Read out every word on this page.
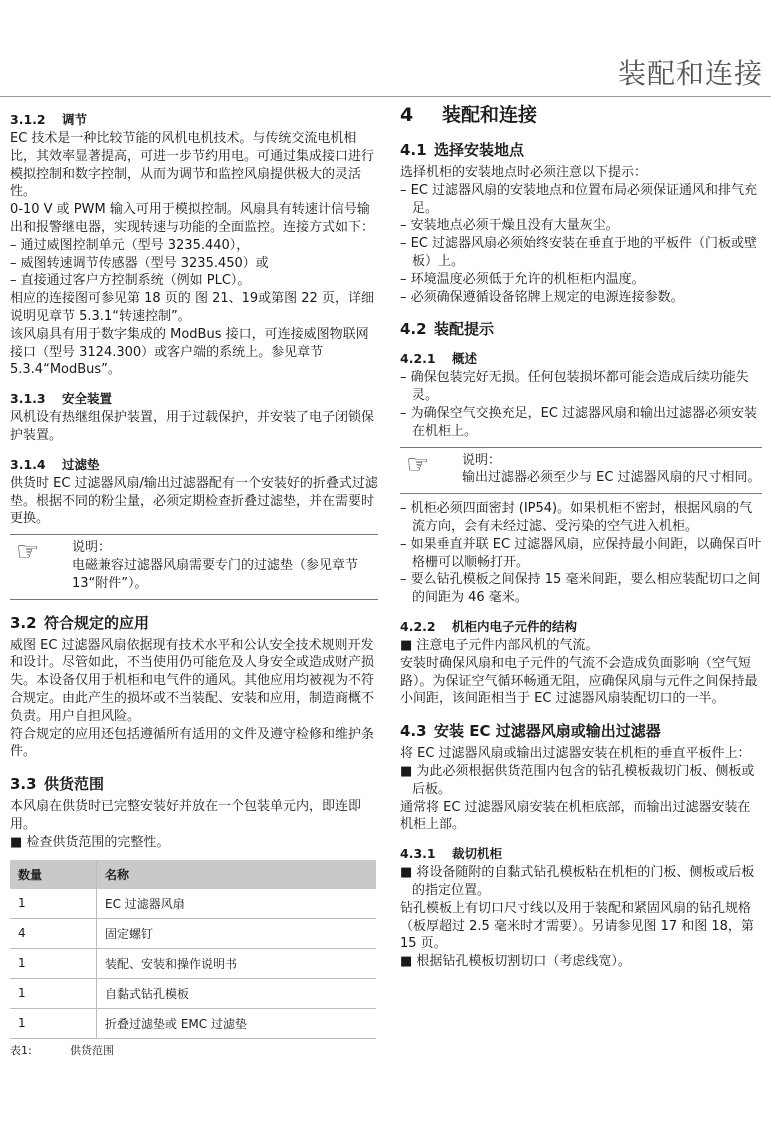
装配和连接
3.1.2 调节

EC 技术是一种比较节能的风机电机技术。与传统交流电机相比，其效率显著提高，可进一步节约用电。可通过集成接口进行模拟控制和数字控制，从而为调节和监控风扇提供极大的灵活性。

0-10 V 或 PWM 输入可用于模拟控制。风扇具有转速计信号输出和报警继电器，实现转速与功能的全面监控。连接方式如下：

– 通过威图控制单元（型号 3235.440），

– 威图转速调节传感器（型号 3235.450）或

– 直接通过客户方控制系统（例如 PLC）。

相应的连接图可参见第 18 页的 图 21、19或第图 22 页，详细说明见章节 5.3.1“转速控制”。

该风扇具有用于数字集成的 ModBus 接口，可连接威图物联网接口（型号 3124.300）或客户端的系统上。参见章节 5.3.4“ModBus”。

3.1.3 安全装置

风机设有热继组保护装置，用于过载保护，并安装了电子闭锁保护装置。

3.1.4 过滤垫

供货时 EC 过滤器风扇/输出过滤器配有一个安装好的折叠式过滤垫。根据不同的粉尘量，必须定期检查折叠过滤垫，并在需要时更换。

☞	说明：
电磁兼容过滤器风扇需要专门的过滤垫（参见章节 13“附件”）。
3.2 符合规定的应用

威图 EC 过滤器风扇依据现有技术水平和公认安全技术规则开发和设计。尽管如此，不当使用仍可能危及人身安全或造成财产损失。本设备仅用于机柜和电气件的通风。其他应用均被视为不符合规定。由此产生的损坏或不当装配、安装和应用，制造商概不负责。用户自担风险。

符合规定的应用还包括遵循所有适用的文件及遵守检修和维护条件。

3.3 供货范围

本风扇在供货时已完整安装好并放在一个包装单元内，即连即用。

■ 检查供货范围的完整性。

数量	名称
1	EC 过滤器风扇
4	固定螺钉
1	装配、安装和操作说明书
1	自黏式钻孔模板
1	折叠过滤垫或 EMC 过滤垫
表1:	供货范围
4 装配和连接
4.1 选择安装地点

选择机柜的安装地点时必须注意以下提示：

– EC 过滤器风扇的安装地点和位置布局必须保证通风和排气充足。

– 安装地点必须干燥且没有大量灰尘。

– EC 过滤器风扇必须始终安装在垂直于地的平板件（门板或壁板）上。

– 环境温度必须低于允许的机柜柜内温度。

– 必须确保遵循设备铭牌上规定的电源连接参数。

4.2 装配提示
4.2.1 概述

– 确保包装完好无损。任何包装损坏都可能会造成后续功能失灵。

– 为确保空气交换充足，EC 过滤器风扇和输出过滤器必须安装在机柜上。

☞	说明：
输出过滤器必须至少与 EC 过滤器风扇的尺寸相同。

– 机柜必须四面密封 (IP54)。如果机柜不密封，根据风扇的气流方向，会有未经过滤、受污染的空气进入机柜。

– 如果垂直并联 EC 过滤器风扇，应保持最小间距，以确保百叶格栅可以顺畅打开。

– 要么钻孔模板之间保持 15 毫米间距，要么相应装配切口之间的间距为 46 毫米。

4.2.2 机柜内电子元件的结构

■ 注意电子元件内部风机的气流。

安装时确保风扇和电子元件的气流不会造成负面影响（空气短路）。为保证空气循环畅通无阻，应确保风扇与元件之间保持最小间距，该间距相当于 EC 过滤器风扇装配切口的一半。

4.3 安装 EC 过滤器风扇或输出过滤器

将 EC 过滤器风扇或输出过滤器安装在机柜的垂直平板件上：

■ 为此必须根据供货范围内包含的钻孔模板裁切门板、侧板或后板。

通常将 EC 过滤器风扇安装在机柜底部，而输出过滤器安装在机柜上部。

4.3.1 裁切机柜

■ 将设备随附的自黏式钻孔模板粘在机柜的门板、侧板或后板的指定位置。

钻孔模板上有切口尺寸线以及用于装配和紧固风扇的钻孔规格（板厚超过 2.5 毫米时才需要）。另请参见图 17 和图 18，第 15 页。

■ 根据钻孔模板切割切口（考虑线宽）。
